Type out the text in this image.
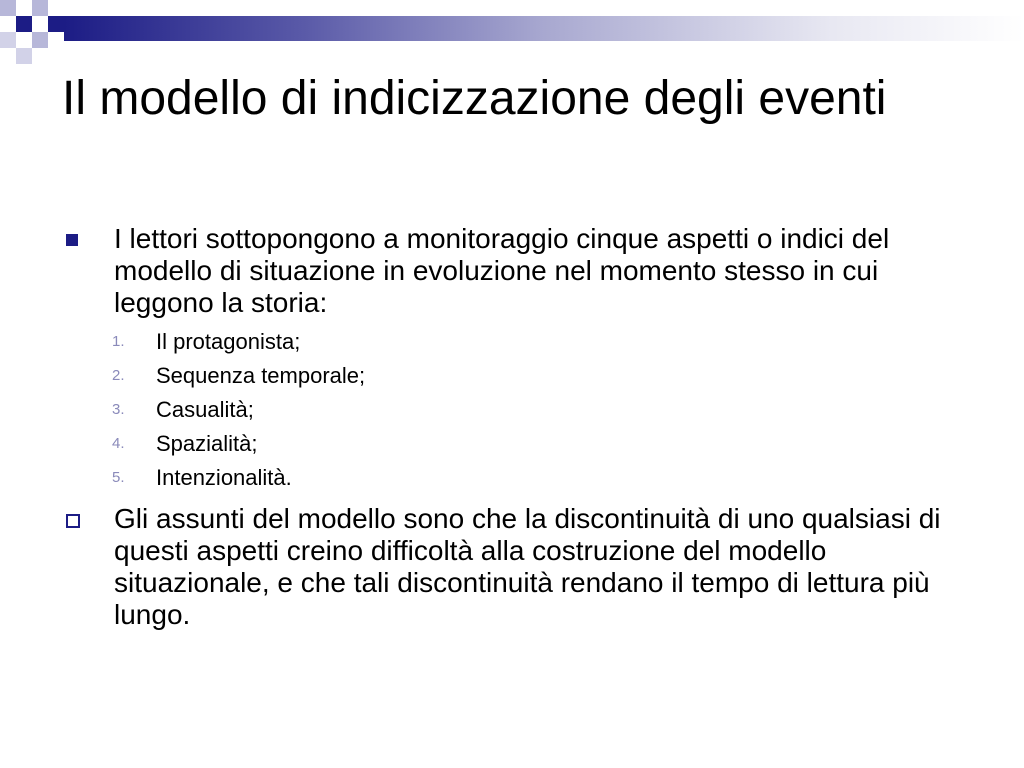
Il modello di indicizzazione degli eventi
I lettori sottopongono a monitoraggio cinque aspetti o indici del modello di situazione in evoluzione nel momento stesso in cui leggono la storia:
1. Il protagonista;
2. Sequenza temporale;
3. Casualità;
4. Spazialità;
5. Intenzionalità.
Gli assunti del modello sono che la discontinuità di uno qualsiasi di questi aspetti creino difficoltà alla costruzione del modello situazionale, e che tali discontinuità rendano il tempo di lettura più lungo.
